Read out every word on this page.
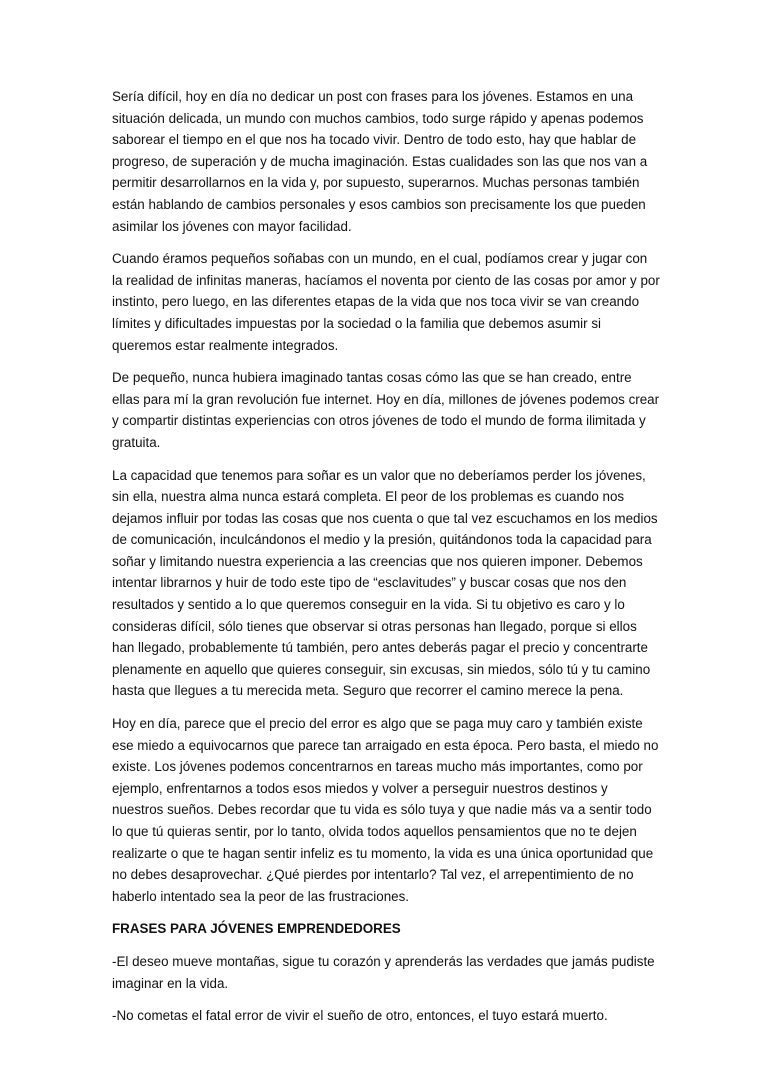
Sería difícil, hoy en día no dedicar un post con frases para los jóvenes. Estamos en una situación delicada, un mundo con muchos cambios, todo surge rápido y apenas podemos saborear el tiempo en el que nos ha tocado vivir. Dentro de todo esto, hay que hablar de progreso, de superación y de mucha imaginación. Estas cualidades son las que nos van a permitir desarrollarnos en la vida y, por supuesto, superarnos. Muchas personas también están hablando de cambios personales y esos cambios son precisamente los que pueden asimilar los jóvenes con mayor facilidad.

Cuando éramos pequeños soñabas con un mundo, en el cual, podíamos crear y jugar con la realidad de infinitas maneras, hacíamos el noventa por ciento de las cosas por amor y por instinto, pero luego, en las diferentes etapas de la vida que nos toca vivir se van creando límites y dificultades impuestas por la sociedad o la familia que debemos asumir si queremos estar realmente integrados.

De pequeño, nunca hubiera imaginado tantas cosas cómo las que se han creado, entre ellas para mí la gran revolución fue internet. Hoy en día, millones de jóvenes podemos crear y compartir distintas experiencias con otros jóvenes de todo el mundo de forma ilimitada y gratuita.

La capacidad que tenemos para soñar es un valor que no deberíamos perder los jóvenes, sin ella, nuestra alma nunca estará completa. El peor de los problemas es cuando nos dejamos influir por todas las cosas que nos cuenta o que tal vez escuchamos en los medios de comunicación, inculcándonos el medio y la presión, quitándonos toda la capacidad para soñar y limitando nuestra experiencia a las creencias que nos quieren imponer. Debemos intentar librarnos y huir de todo este tipo de “esclavitudes” y buscar cosas que nos den resultados y sentido a lo que queremos conseguir en la vida. Si tu objetivo es caro y lo consideras difícil, sólo tienes que observar si otras personas han llegado, porque si ellos han llegado, probablemente tú también, pero antes deberás pagar el precio y concentrarte plenamente en aquello que quieres conseguir, sin excusas, sin miedos, sólo tú y tu camino hasta que llegues a tu merecida meta. Seguro que recorrer el camino merece la pena.

Hoy en día, parece que el precio del error es algo que se paga muy caro y también existe ese miedo a equivocarnos que parece tan arraigado en esta época. Pero basta, el miedo no existe. Los jóvenes podemos concentrarnos en tareas mucho más importantes, como por ejemplo, enfrentarnos a todos esos miedos y volver a perseguir nuestros destinos y nuestros sueños. Debes recordar que tu vida es sólo tuya y que nadie más va a sentir todo lo que tú quieras sentir, por lo tanto, olvida todos aquellos pensamientos que no te dejen realizarte o que te hagan sentir infeliz es tu momento, la vida es una única oportunidad que no debes desaprovechar. ¿Qué pierdes por intentarlo? Tal vez, el arrepentimiento de no haberlo intentado sea la peor de las frustraciones.

FRASES PARA JÓVENES EMPRENDEDORES

-El deseo mueve montañas, sigue tu corazón y aprenderás las verdades que jamás pudiste imaginar en la vida.

-No cometas el fatal error de vivir el sueño de otro, entonces, el tuyo estará muerto.
